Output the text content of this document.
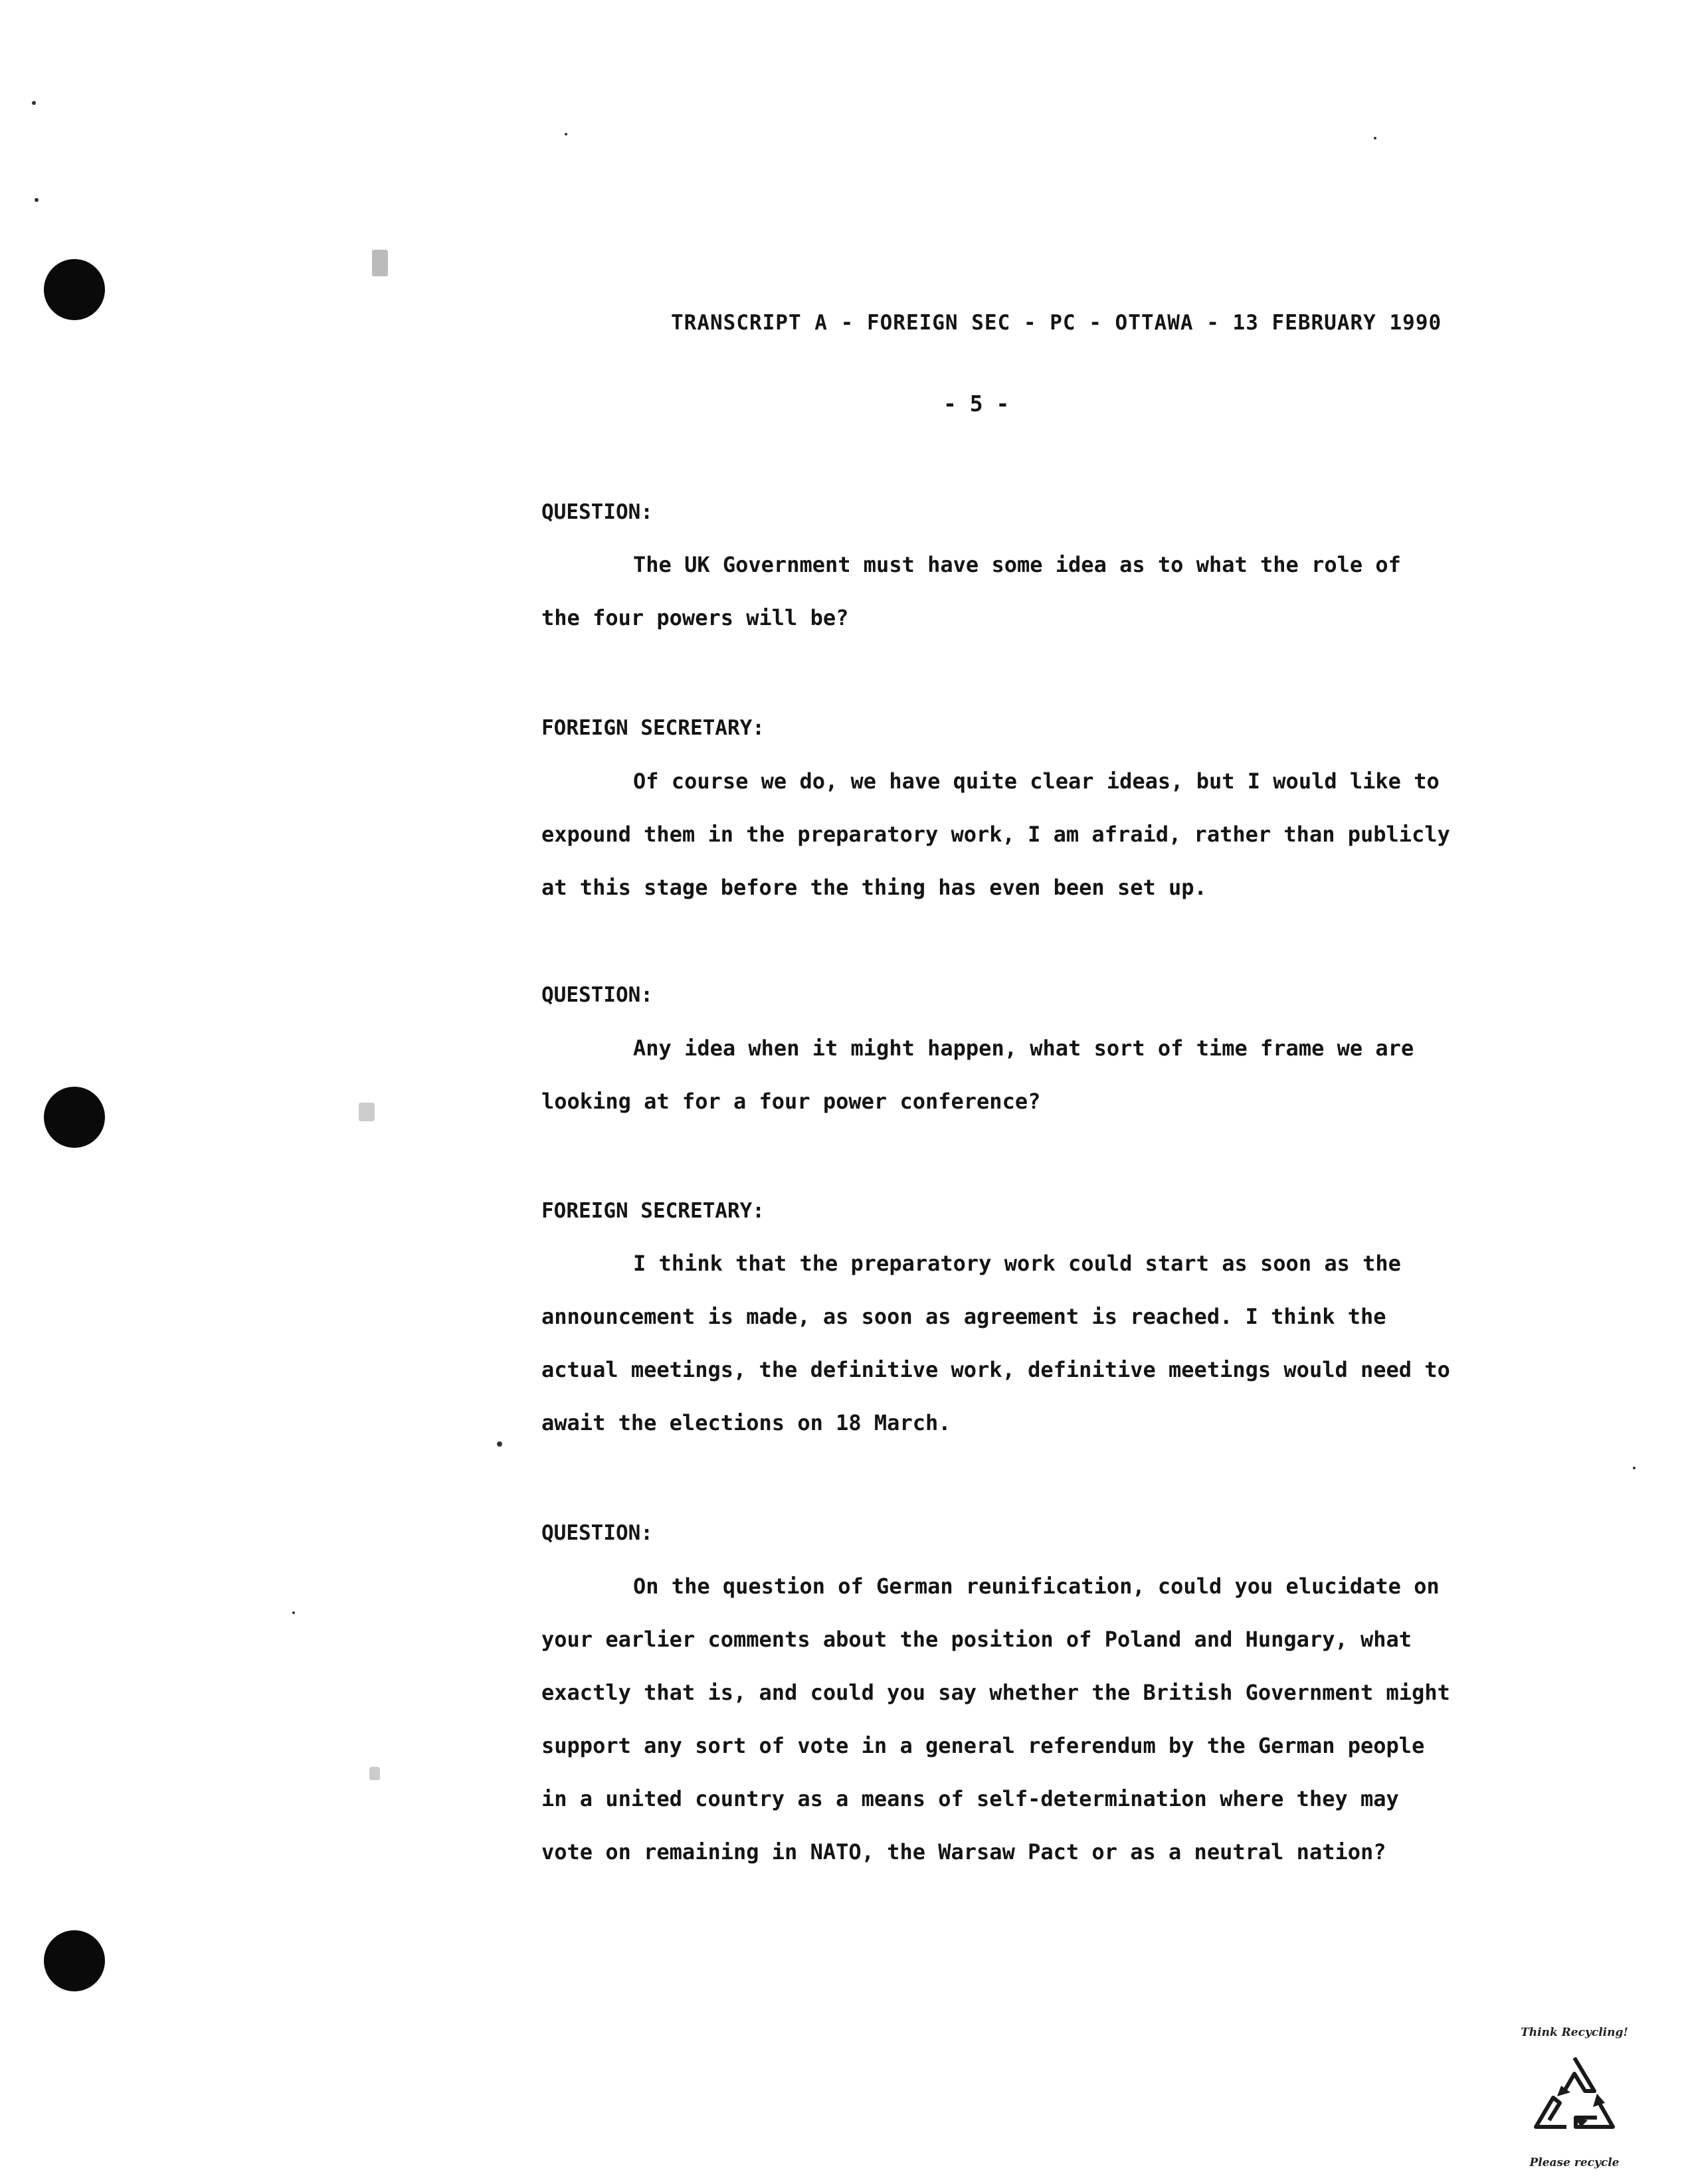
TRANSCRIPT A - FOREIGN SEC - PC - OTTAWA - 13 FEBRUARY 1990
- 5 -
QUESTION:
The UK Government must have some idea as to what the role of the four powers will be?
FOREIGN SECRETARY:
Of course we do, we have quite clear ideas, but I would like to expound them in the preparatory work, I am afraid, rather than publicly at this stage before the thing has even been set up.
QUESTION:
Any idea when it might happen, what sort of time frame we are looking at for a four power conference?
FOREIGN SECRETARY:
I think that the preparatory work could start as soon as the announcement is made, as soon as agreement is reached. I think the actual meetings, the definitive work, definitive meetings would need to await the elections on 18 March.
QUESTION:
On the question of German reunification, could you elucidate on your earlier comments about the position of Poland and Hungary, what exactly that is, and could you say whether the British Government might support any sort of vote in a general referendum by the German people in a united country as a means of self-determination where they may vote on remaining in NATO, the Warsaw Pact or as a neutral nation?
Think Recycling!
Please recycle
